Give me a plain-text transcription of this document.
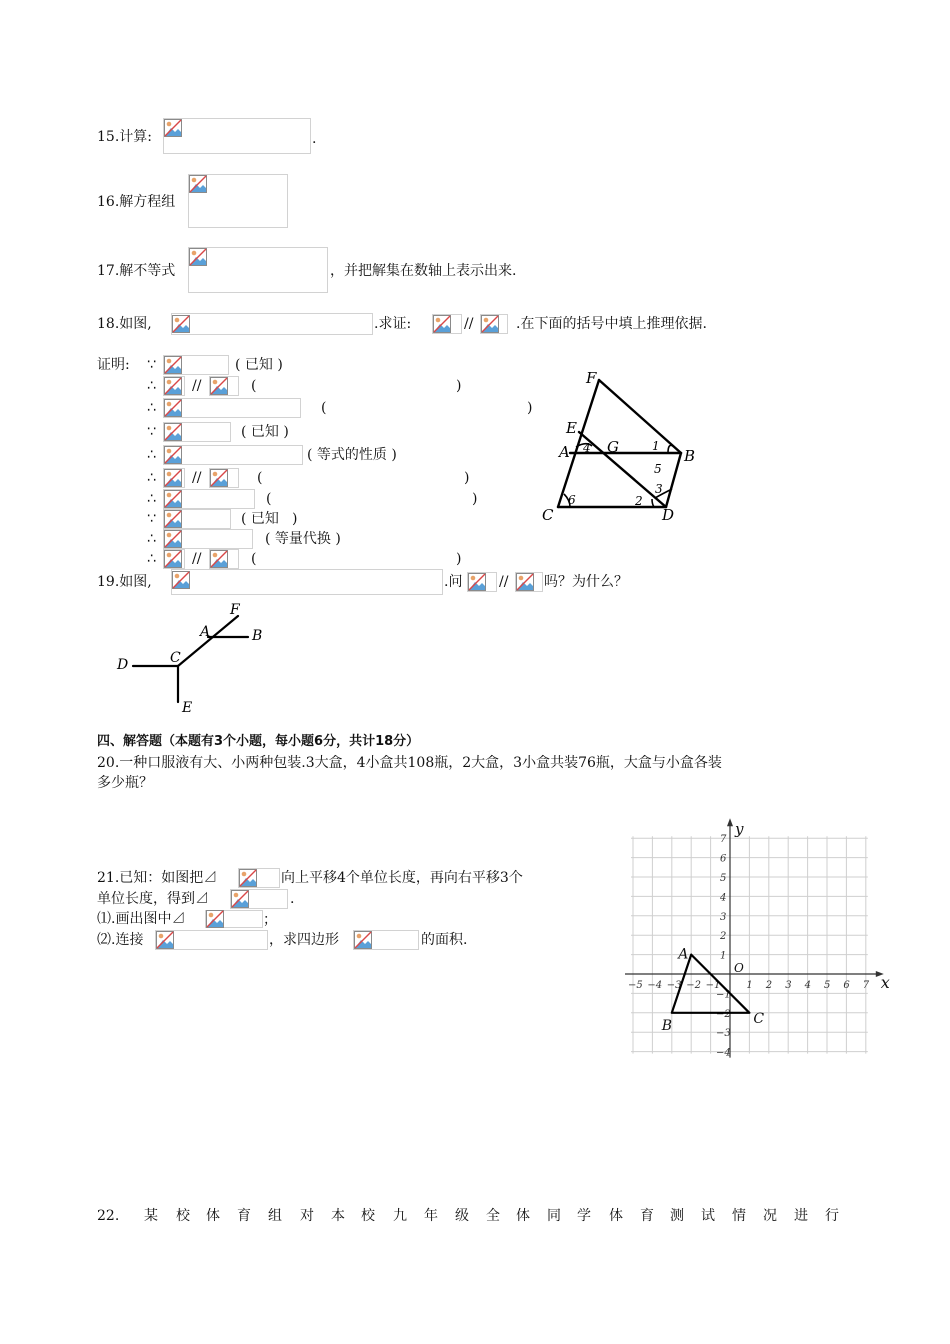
15.计算:	.
16.解方程组
17.解不等式	，并把解集在数轴上表示出来.
18.如图,	.求证:	//	.在下面的括号中填上推理依据.
证明: ∵	( 已知 )
∴	//	(	)
∴	(	)
∵	( 已知 )
∴	( 等式的性质 )
∴	//	(	)
∴	(	)
∵	( 已知 )
∴	( 等量代换 )
∴	//	(	)
F
E
A G	B
C	D
1
4
5
3
2
6
19.如图,	.问	//	吗？为什么？
F
A	B
C
D
E
四、解答题（本题有3个小题，每小题6分，共计18分）
20.一种口服液有大、小两种包装.3大盒，4小盒共108瓶，2大盒，3小盒共装76瓶，大盒与小盒各装
多少瓶？
21.已知：如图把⊿	向上平移4个单位长度，再向右平移3个
单位长度，得到⊿	.
⑴.画出图中⊿	；
⑵.连接	，求四边形	的面积.
−5 −4 −3 −2 −1	1 2 3 4 5 6 7
7
6
5
4
3
2
1
−1
−2
−3
−4
x
y
O
A
B	C
22. 某 校 体 育 组 对 本 校 九 年 级 全 体 同 学 体 育 测 试 情 况 进 行
